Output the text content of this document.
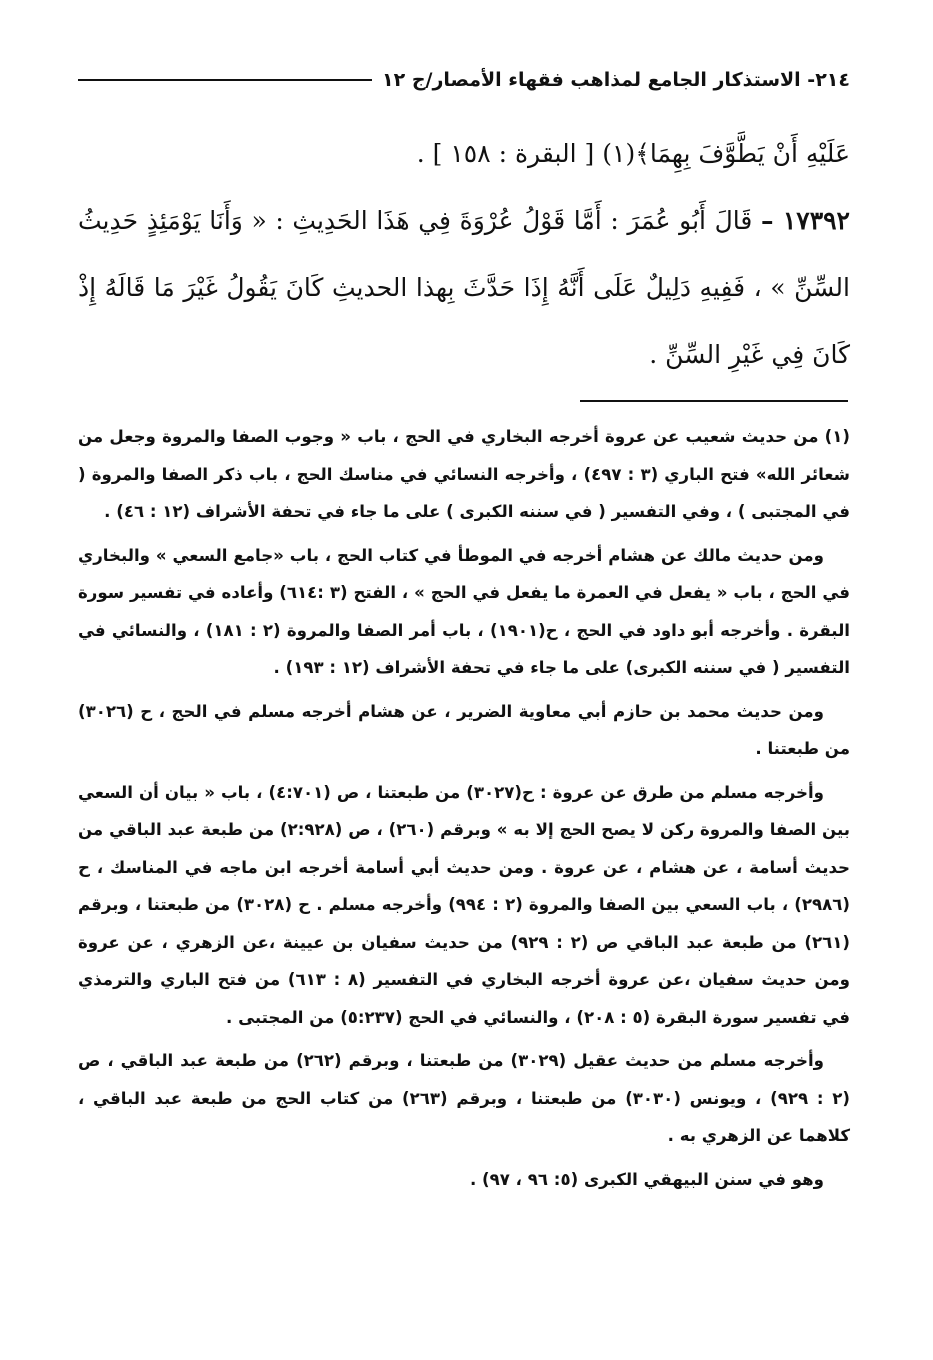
٢١٤- الاستذكار الجامع لمذاهب فقهاء الأمصار/ج ١٢

عَلَيْهِ أَنْ يَطَّوَّفَ بِهِمَا﴾(١) [ البقرة : ١٥٨ ] .

١٧٣٩٢ – قَالَ أَبُو عُمَرَ : أَمَّا قَوْلُ عُرْوَةَ فِي هَذَا الحَدِيثِ : « وَأَنَا يَوْمَئِذٍ حَدِيثُ السِّنِّ » ، فَفِيهِ دَلِيلٌ عَلَى أَنَّهُ إِذَا حَدَّثَ بِهذا الحديثِ كَانَ يَقُولُ غَيْرَ مَا قَالَهُ إِذْ كَانَ فِي غَيْرِ السِّنِّ .

(١) من حديث شعيب عن عروة أخرجه البخاري في الحج ، باب « وجوب الصفا والمروة وجعل من شعائر الله» فتح الباري (٣ : ٤٩٧) ، وأخرجه النسائي في مناسك الحج ، باب ذكر الصفا والمروة ( في المجتبى ) ، وفي التفسير ( في سننه الكبرى ) على ما جاء في تحفة الأشراف (١٢ : ٤٦) .

ومن حديث مالك عن هشام أخرجه في الموطأ في كتاب الحج ، باب «جامع السعي » والبخاري في الحج ، باب « يفعل في العمرة ما يفعل في الحج » ، الفتح (٣ :٦١٤) وأعاده في تفسير سورة البقرة . وأخرجه أبو داود في الحج ، ح(١٩٠١) ، باب أمر الصفا والمروة (٢ : ١٨١) ، والنسائي في التفسير ( في سننه الكبرى) على ما جاء في تحفة الأشراف (١٢ : ١٩٣) .

ومن حديث محمد بن حازم أبي معاوية الضرير ، عن هشام أخرجه مسلم في الحج ، ح (٣٠٢٦) من طبعتنا .

وأخرجه مسلم من طرق عن عروة : ح(٣٠٢٧) من طبعتنا ، ص (٤:٧٠١) ، باب « بيان أن السعي بين الصفا والمروة ركن لا يصح الحج إلا به » وبرقم (٢٦٠) ، ص (٢:٩٢٨) من طبعة عبد الباقي من حديث أسامة ، عن هشام ، عن عروة . ومن حديث أبي أسامة أخرجه ابن ماجه في المناسك ، ح (٢٩٨٦) ، باب السعي بين الصفا والمروة (٢ : ٩٩٤) وأخرجه مسلم . ح (٣٠٢٨) من طبعتنا ، وبرقم (٢٦١) من طبعة عبد الباقي ص (٢ : ٩٢٩) من حديث سفيان بن عيينة ،عن الزهري ، عن عروة ومن حديث سفيان ،عن عروة أخرجه البخاري في التفسير (٨ : ٦١٣) من فتح الباري والترمذي في تفسير سورة البقرة (٥ : ٢٠٨) ، والنسائي في الحج (٥:٢٣٧) من المجتبى .

وأخرجه مسلم من حديث عقيل (٣٠٢٩) من طبعتنا ، وبرقم (٢٦٢) من طبعة عبد الباقي ، ص (٢ : ٩٢٩) ، ويونس (٣٠٣٠) من طبعتنا ، وبرقم (٢٦٣) من كتاب الحج من طبعة عبد الباقي ، كلاهما عن الزهري به .

وهو في سنن البيهقي الكبرى (٥: ٩٦ ، ٩٧) .
